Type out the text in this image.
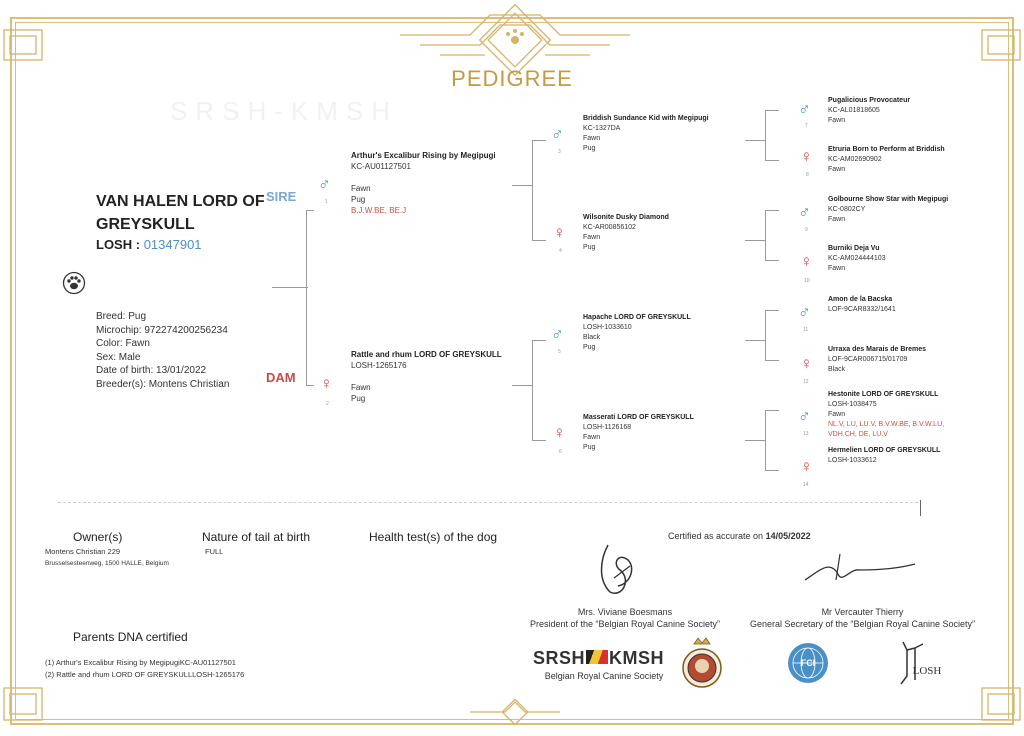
PEDIGREE
SRSH-KMSH
VAN HALEN LORD OF GREYSKULL
LOSH : 01347901
Breed: Pug
Microchip: 972274200256234
Color: Fawn
Sex: Male
Date of birth: 13/01/2022
Breeder(s): Montens Christian
SIRE
DAM
♂
1
Arthur's Excalibur Rising by Megipugi
KC-AU01127501

Fawn
Pug
B.J.W.BE, BE.J
♀
2
Rattle and rhum LORD OF GREYSKULL
LOSH-1265176

Fawn
Pug
♂
3
Briddish Sundance Kid with Megipugi
KC-1327DA
Fawn
Pug
♀
4
Wilsonite Dusky Diamond
KC-AR00856102
Fawn
Pug
♂
5
Hapache LORD OF GREYSKULL
LOSH-1033610
Black
Pug
♀
6
Masserati LORD OF GREYSKULL
LOSH-1126168
Fawn
Pug
♂
7
Pugalicious Provocateur
KC-AL01818605
Fawn
♀
8
Etruria Born to Perform at Briddish
KC-AM02690902
Fawn
♂
9
Golbourne Show Star with Megipugi
KC-0802CY
Fawn
♀
10
Burniki Deja Vu
KC-AM024444103
Fawn
♂
11
Amon de la Bacska
LOF-9CAR8332/1641
♀
12
Urraxa des Marais de Bremes
LOF-9CAR006715/01709
Black
♂
13
Hestonite LORD OF GREYSKULL
LOSH-1038475
Fawn
NL.V, LU, LU.V, B.V.W.BE, B.V.W.LU, VDH.CH, DE, LU.V
♀
14
Hermelien LORD OF GREYSKULL
LOSH-1033612
Owner(s)
Montens Christian 229
Brusselsesteenweg, 1500 HALLE, Belgium
Nature of tail at birth
FULL
Health test(s) of the dog	Certified as accurate on 14/05/2022
Mrs. Viviane Boesmans
President of the “Belgian Royal Canine Society”
Mr Vercauter Thierry
General Secretary of the “Belgian Royal Canine Society”
Parents DNA certified
(1) Arthur's Excalibur Rising by MegipugiKC-AU01127501
(2) Rattle and rhum LORD OF GREYSKULLLOSH-1265176
SRSH KMSH
Belgian Royal Canine Society
FCI
LOSH
